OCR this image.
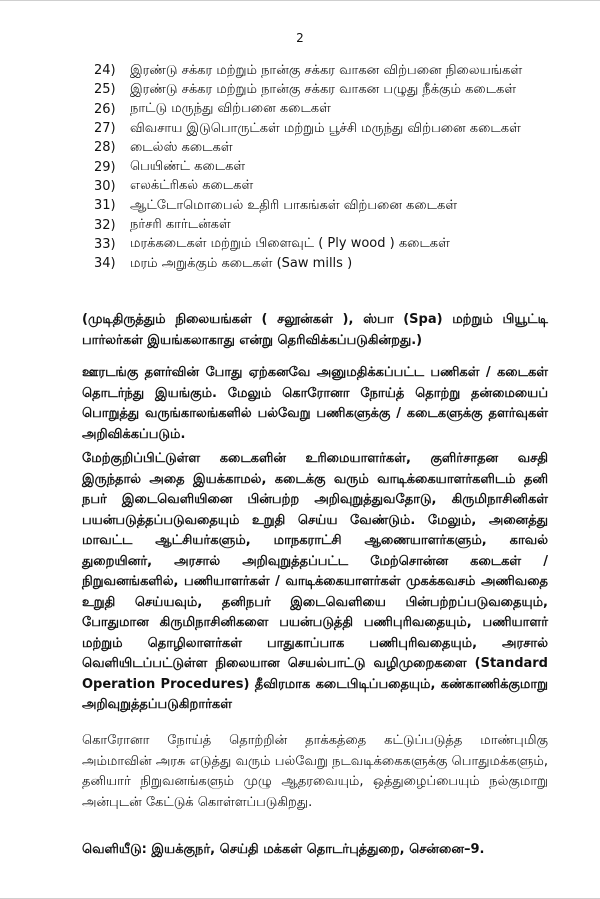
2
24)	இரண்டு சக்கர மற்றும் நான்கு சக்கர வாகன விற்பனை நிலையங்கள்
25)	இரண்டு சக்கர மற்றும் நான்கு சக்கர வாகன பழுது நீக்கும் கடைகள்
26)	நாட்டு மருந்து விற்பனை கடைகள்
27)	விவசாய இடுபொருட்கள் மற்றும் பூச்சி மருந்து விற்பனை கடைகள்
28)	டைல்ஸ் கடைகள்
29)	பெயிண்ட் கடைகள்
30)	எலக்ட்ரிகல் கடைகள்
31)	ஆட்டோமொபைல் உதிரி பாகங்கள் விற்பனை கடைகள்
32)	நர்சரி கார்டன்கள்
33)	மரக்கடைகள் மற்றும் பிளைவுட் ( Ply wood ) கடைகள்
34)	மரம் அறுக்கும் கடைகள் (Saw mills )

(முடிதிருத்தும் நிலையங்கள் ( சலூன்கள் ), ஸ்பா (Spa) மற்றும் பியூட்டி பார்லர்கள் இயங்கலாகாது என்று தெரிவிக்கப்படுகின்றது.)

ஊரடங்கு தளர்வின் போது ஏற்கனவே அனுமதிக்கப்பட்ட பணிகள் / கடைகள் தொடர்ந்து இயங்கும். மேலும் கொரோனா நோய்த் தொற்று தன்மையைப் பொறுத்து வருங்காலங்களில் பல்வேறு பணிகளுக்கு / கடைகளுக்கு தளர்வுகள் அறிவிக்கப்படும்.

மேற்குறிப்பிட்டுள்ள கடைகளின் உரிமையாளர்கள், குளிர்சாதன வசதி இருந்தால் அதை இயக்காமல், கடைக்கு வரும் வாடிக்கையாளர்களிடம் தனி நபர் இடைவெளியினை பின்பற்ற அறிவுறுத்துவதோடு, கிருமிநாசினிகள் பயன்படுத்தப்படுவதையும் உறுதி செய்ய வேண்டும். மேலும், அனைத்து மாவட்ட ஆட்சியர்களும், மாநகராட்சி ஆணையாளர்களும், காவல் துறையினர், அரசால் அறிவுறுத்தப்பட்ட மேற்சொன்ன கடைகள் / நிறுவனங்களில், பணியாளர்கள் / வாடிக்கையாளர்கள் முகக்கவசம் அணிவதை உறுதி செய்யவும், தனிநபர் இடைவெளியை பின்பற்றப்படுவதையும், போதுமான கிருமிநாசினிகளை பயன்படுத்தி பணிபுரிவதையும், பணியாளர் மற்றும் தொழிலாளர்கள் பாதுகாப்பாக பணிபுரிவதையும், அரசால் வெளியிடப்பட்டுள்ள நிலையான செயல்பாட்டு வழிமுறைகளை (Standard Operation Procedures) தீவிரமாக கடைபிடிப்பதையும், கண்காணிக்குமாறு அறிவுறுத்தப்படுகிறார்கள்

கொரோனா நோய்த் தொற்றின் தாக்கத்தை கட்டுப்படுத்த மாண்புமிகு அம்மாவின் அரசு எடுத்து வரும் பல்வேறு நடவடிக்கைகளுக்கு பொதுமக்களும், தனியார் நிறுவனங்களும் முழு ஆதரவையும், ஒத்துழைப்பையும் நல்குமாறு அன்புடன் கேட்டுக் கொள்ளப்படுகிறது.

வெளியீடு: இயக்குநர், செய்தி மக்கள் தொடர்புத்துறை, சென்னை–9.
